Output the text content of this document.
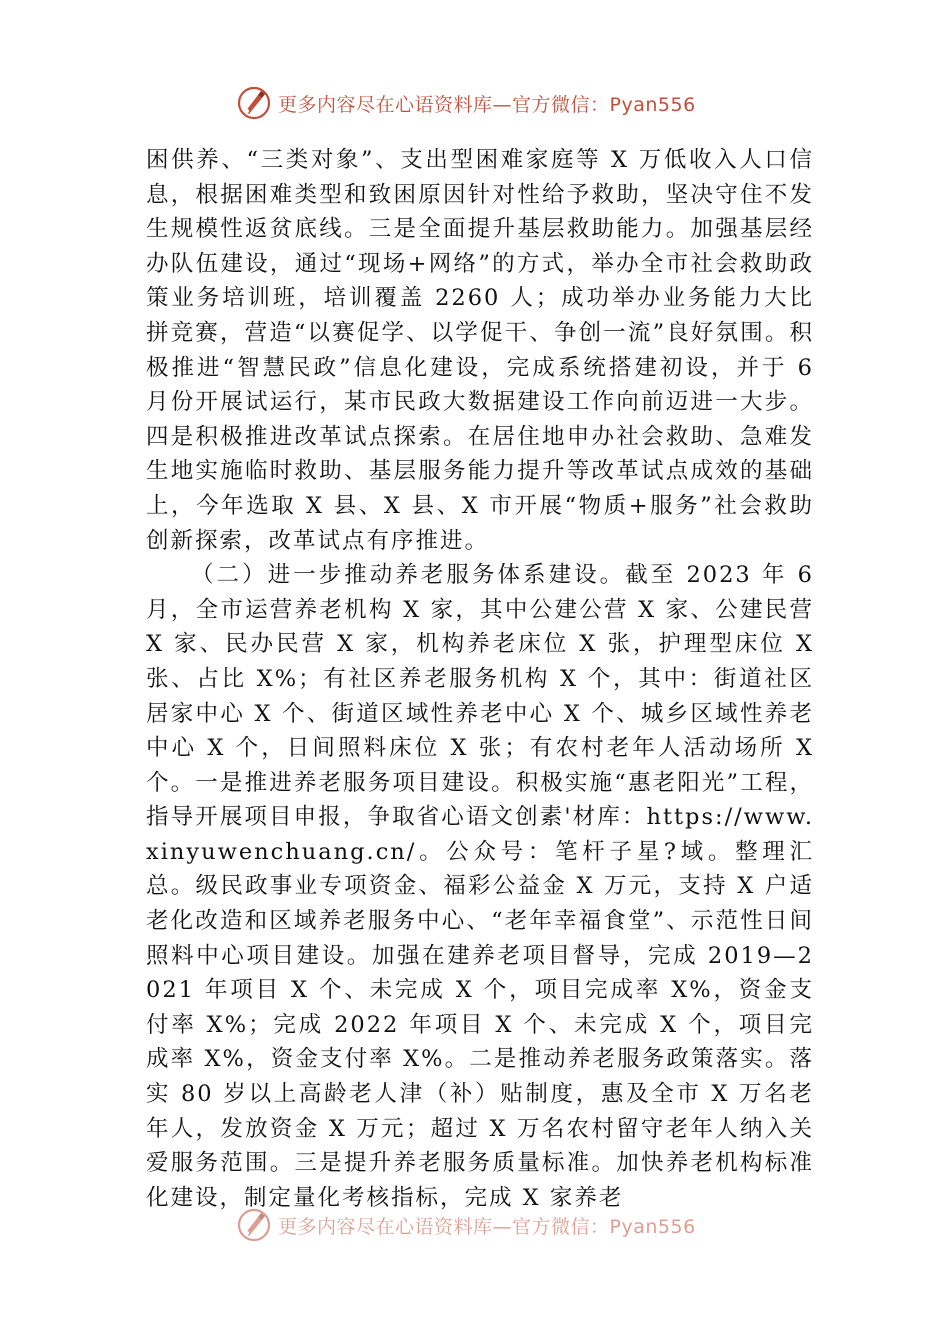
更多内容尽在心语资料库—官方微信：Pyan556

困供养、“三类对象”、支出型困难家庭等 X 万低收入人口信息，根据困难类型和致困原因针对性给予救助，坚决守住不发生规模性返贫底线。三是全面提升基层救助能力。加强基层经办队伍建设，通过“现场+网络”的方式，举办全市社会救助政策业务培训班，培训覆盖 2260 人；成功举办业务能力大比拼竞赛，营造“以赛促学、以学促干、争创一流”良好氛围。积极推进“智慧民政”信息化建设，完成系统搭建初设，并于 6 月份开展试运行，某市民政大数据建设工作向前迈进一大步。四是积极推进改革试点探索。在居住地申办社会救助、急难发生地实施临时救助、基层服务能力提升等改革试点成效的基础上，今年选取 X 县、X 县、X 市开展“物质+服务”社会救助创新探索，改革试点有序推进。

（二）进一步推动养老服务体系建设。截至 2023 年 6 月，全市运营养老机构 X 家，其中公建公营 X 家、公建民营 X 家、民办民营 X 家，机构养老床位 X 张，护理型床位 X 张、占比 X%；有社区养老服务机构 X 个，其中：街道社区居家中心 X 个、街道区域性养老中心 X 个、城乡区域性养老中心 X 个，日间照料床位 X 张；有农村老年人活动场所 X 个。一是推进养老服务项目建设。积极实施“惠老阳光”工程，指导开展项目申报，争取省心语文创素'材库：https://www.xinyuwenchuang.cn/。公众号：笔杆子星?域。整理汇总。级民政事业专项资金、福彩公益金 X 万元，支持 X 户适老化改造和区域养老服务中心、“老年幸福食堂”、示范性日间照料中心项目建设。加强在建养老项目督导，完成 2019—2021 年项目 X 个、未完成 X 个，项目完成率 X%，资金支付率 X%；完成 2022 年项目 X 个、未完成 X 个，项目完成率 X%，资金支付率 X%。二是推动养老服务政策落实。落实 80 岁以上高龄老人津（补）贴制度，惠及全市 X 万名老年人，发放资金 X 万元；超过 X 万名农村留守老年人纳入关爱服务范围。三是提升养老服务质量标准。加快养老机构标准化建设，制定量化考核指标，完成 X 家养老

更多内容尽在心语资料库—官方微信：Pyan556
